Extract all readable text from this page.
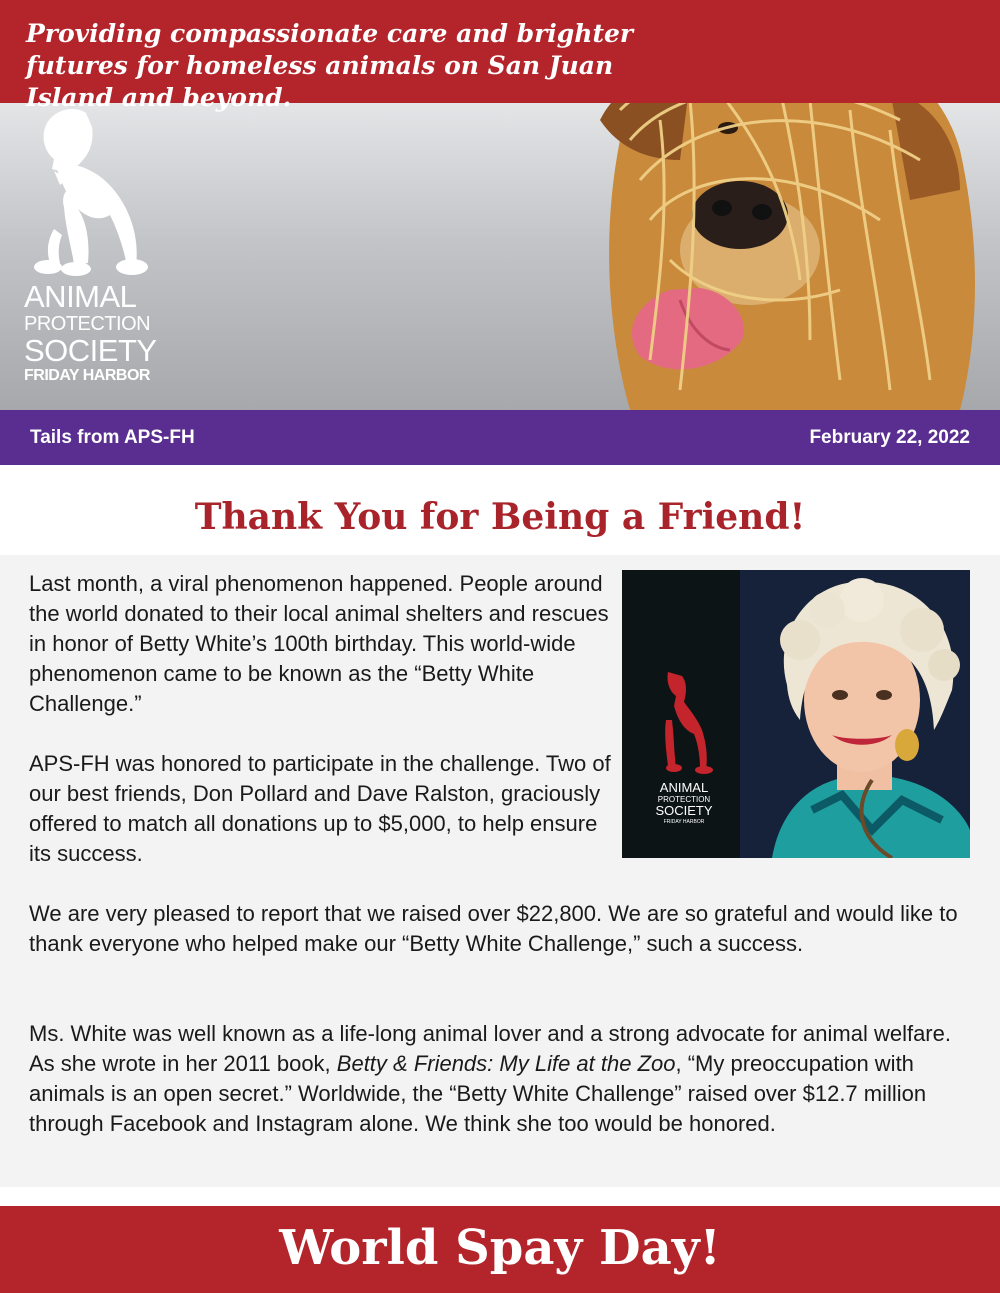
Providing compassionate care and brighter futures for homeless animals on San Juan Island and beyond.

ANIMAL
PROTECTION
SOCIETY
FRIDAY HARBOR
Tails from APS-FH	February 22, 2022
Thank You for Being a Friend!

Last month, a viral phenomenon happened. People around the world donated to their local animal shelters and rescues in honor of Betty White’s 100th birthday. This world-wide phenomenon came to be known as the “Betty White Challenge.”

APS-FH was honored to participate in the challenge. Two of our best friends, Don Pollard and Dave Ralston, graciously offered to match all donations up to $5,000, to help ensure its success.

We are very pleased to report that we raised over $22,800. We are so grateful and would like to thank everyone who helped make our “Betty White Challenge,” such a success.

Ms. White was well known as a life-long animal lover and a strong advocate for animal welfare. As she wrote in her 2011 book, Betty & Friends: My Life at the Zoo, “My preoccupation with animals is an open secret.” Worldwide, the “Betty White Challenge” raised over $12.7 million through Facebook and Instagram alone. We think she too would be honored.

ANIMAL
PROTECTION
SOCIETY
FRIDAY HARBOR
World Spay Day!
